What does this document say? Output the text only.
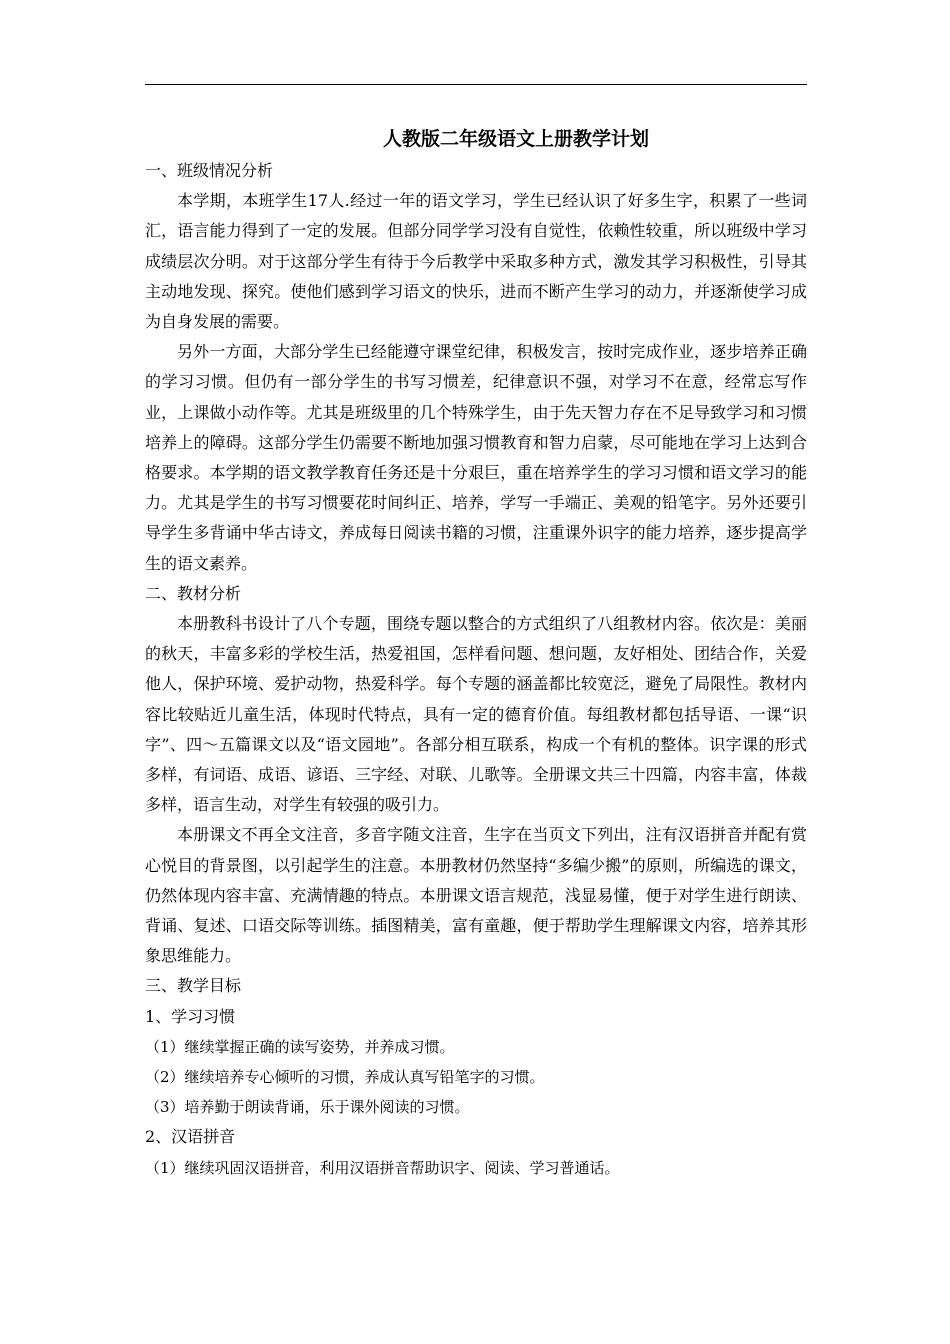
人教版二年级语文上册教学计划

一、班级情况分析

本学期，本班学生17人.经过一年的语文学习，学生已经认识了好多生字，积累了一些词汇，语言能力得到了一定的发展。但部分同学学习没有自觉性，依赖性较重，所以班级中学习成绩层次分明。对于这部分学生有待于今后教学中采取多种方式，激发其学习积极性，引导其主动地发现、探究。使他们感到学习语文的快乐，进而不断产生学习的动力，并逐渐使学习成为自身发展的需要。

另外一方面，大部分学生已经能遵守课堂纪律，积极发言，按时完成作业，逐步培养正确的学习习惯。但仍有一部分学生的书写习惯差，纪律意识不强，对学习不在意，经常忘写作业，上课做小动作等。尤其是班级里的几个特殊学生，由于先天智力存在不足导致学习和习惯培养上的障碍。这部分学生仍需要不断地加强习惯教育和智力启蒙，尽可能地在学习上达到合格要求。本学期的语文教学教育任务还是十分艰巨，重在培养学生的学习习惯和语文学习的能力。尤其是学生的书写习惯要花时间纠正、培养，学写一手端正、美观的铅笔字。另外还要引导学生多背诵中华古诗文，养成每日阅读书籍的习惯，注重课外识字的能力培养，逐步提高学生的语文素养。

二、教材分析

本册教科书设计了八个专题，围绕专题以整合的方式组织了八组教材内容。依次是：美丽的秋天，丰富多彩的学校生活，热爱祖国，怎样看问题、想问题，友好相处、团结合作，关爱他人，保护环境、爱护动物，热爱科学。每个专题的涵盖都比较宽泛，避免了局限性。教材内容比较贴近儿童生活，体现时代特点，具有一定的德育价值。每组教材都包括导语、一课“识字”、四～五篇课文以及“语文园地”。各部分相互联系，构成一个有机的整体。识字课的形式多样，有词语、成语、谚语、三字经、对联、儿歌等。全册课文共三十四篇，内容丰富，体裁多样，语言生动，对学生有较强的吸引力。

本册课文不再全文注音，多音字随文注音，生字在当页文下列出，注有汉语拼音并配有赏心悦目的背景图，以引起学生的注意。本册教材仍然坚持“多编少搬”的原则，所编选的课文，仍然体现内容丰富、充满情趣的特点。本册课文语言规范，浅显易懂，便于对学生进行朗读、背诵、复述、口语交际等训练。插图精美，富有童趣，便于帮助学生理解课文内容，培养其形象思维能力。

三、教学目标

1、学习习惯

（1）继续掌握正确的读写姿势，并养成习惯。

（2）继续培养专心倾听的习惯，养成认真写铅笔字的习惯。

（3）培养勤于朗读背诵，乐于课外阅读的习惯。

2、汉语拼音

（1）继续巩固汉语拼音，利用汉语拼音帮助识字、阅读、学习普通话。
